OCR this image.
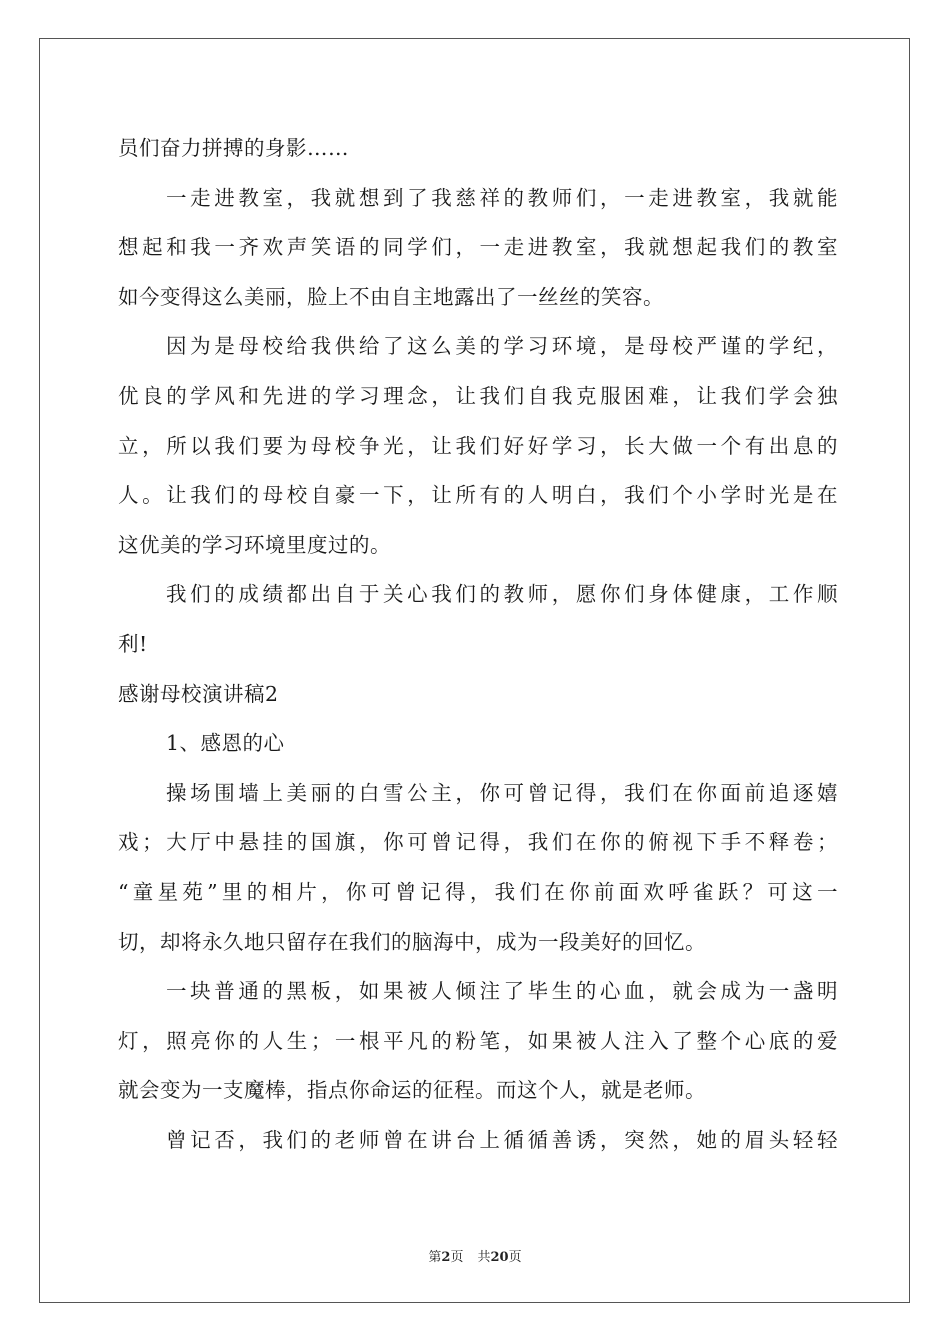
员们奋力拼搏的身影……
一走进教室，我就想到了我慈祥的教师们，一走进教室，我就能
想起和我一齐欢声笑语的同学们，一走进教室，我就想起我们的教室
如今变得这么美丽，脸上不由自主地露出了一丝丝的笑容。
因为是母校给我供给了这么美的学习环境，是母校严谨的学纪，
优良的学风和先进的学习理念，让我们自我克服困难，让我们学会独
立，所以我们要为母校争光，让我们好好学习，长大做一个有出息的
人。让我们的母校自豪一下，让所有的人明白，我们个小学时光是在
这优美的学习环境里度过的。
我们的成绩都出自于关心我们的教师，愿你们身体健康，工作顺
利!
感谢母校演讲稿2
1、感恩的心
操场围墙上美丽的白雪公主，你可曾记得，我们在你面前追逐嬉
戏；大厅中悬挂的国旗，你可曾记得，我们在你的俯视下手不释卷；
“童星苑”里的相片，你可曾记得，我们在你前面欢呼雀跃？可这一
切，却将永久地只留存在我们的脑海中，成为一段美好的回忆。
一块普通的黑板，如果被人倾注了毕生的心血，就会成为一盏明
灯，照亮你的人生；一根平凡的粉笔，如果被人注入了整个心底的爱
就会变为一支魔棒，指点你命运的征程。而这个人，就是老师。
曾记否，我们的老师曾在讲台上循循善诱，突然，她的眉头轻轻
第2页 共20页
